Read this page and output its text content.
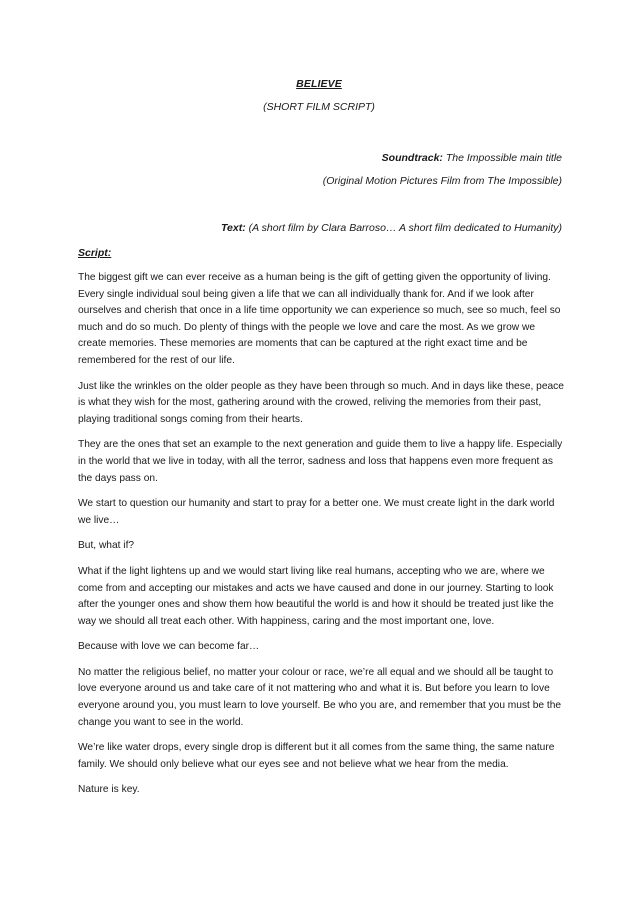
BELIEVE
(SHORT FILM SCRIPT)
Soundtrack: The Impossible main title
(Original Motion Pictures Film from The Impossible)
Text: (A short film by Clara Barroso… A short film dedicated to Humanity)
Script:

The biggest gift we can ever receive as a human being is the gift of getting given the opportunity of living. Every single individual soul being given a life that we can all individually thank for. And if we look after ourselves and cherish that once in a life time opportunity we can experience so much, see so much, feel so much and do so much. Do plenty of things with the people we love and care the most. As we grow we create memories. These memories are moments that can be captured at the right exact time and be remembered for the rest of our life.

Just like the wrinkles on the older people as they have been through so much. And in days like these, peace is what they wish for the most, gathering around with the crowed, reliving the memories from their past, playing traditional songs coming from their hearts.

They are the ones that set an example to the next generation and guide them to live a happy life. Especially in the world that we live in today, with all the terror, sadness and loss that happens even more frequent as the days pass on.

We start to question our humanity and start to pray for a better one. We must create light in the dark world we live…

But, what if?

What if the light lightens up and we would start living like real humans, accepting who we are, where we come from and accepting our mistakes and acts we have caused and done in our journey. Starting to look after the younger ones and show them how beautiful the world is and how it should be treated just like the way we should all treat each other. With happiness, caring and the most important one, love.

Because with love we can become far…

No matter the religious belief, no matter your colour or race, we’re all equal and we should all be taught to love everyone around us and take care of it not mattering who and what it is. But before you learn to love everyone around you, you must learn to love yourself. Be who you are, and remember that you must be the change you want to see in the world.

We’re like water drops, every single drop is different but it all comes from the same thing, the same nature family. We should only believe what our eyes see and not believe what we hear from the media.

Nature is key.
